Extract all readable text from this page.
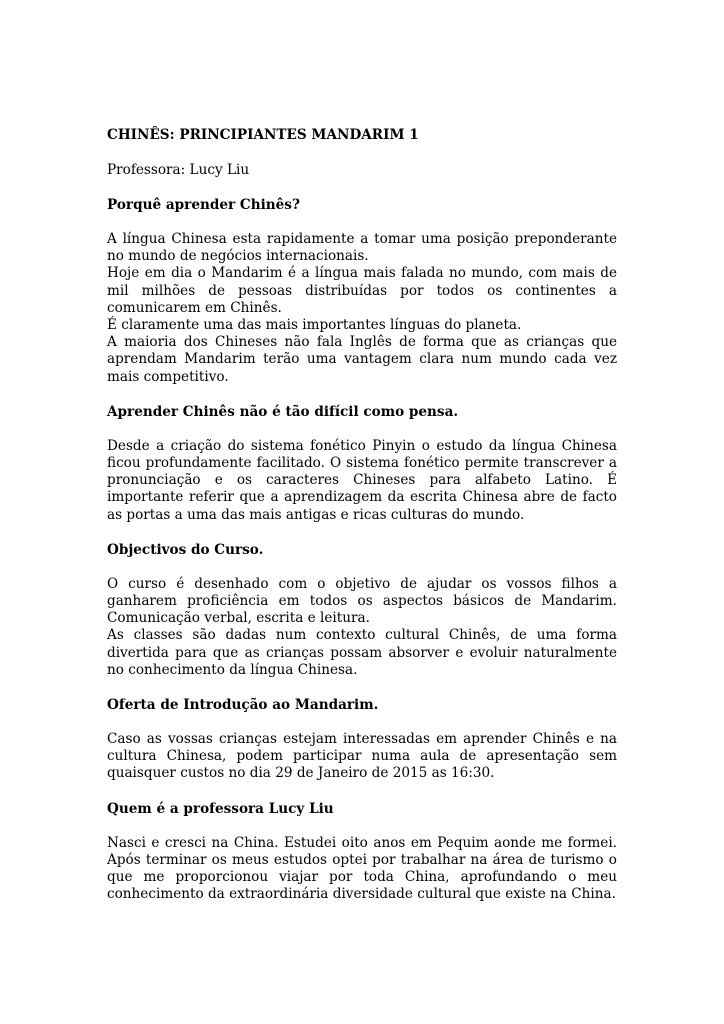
CHINÊS: PRINCIPIANTES MANDARIM 1

Professora: Lucy Liu

Porquê aprender Chinês?

A língua Chinesa esta rapidamente a tomar uma posição preponderante no mundo de negócios internacionais.

Hoje em dia o Mandarim é a língua mais falada no mundo, com mais de mil milhões de pessoas distribuídas por todos os continentes a comunicarem em Chinês.

É claramente uma das mais importantes línguas do planeta.

A maioria dos Chineses não fala Inglês de forma que as crianças que aprendam Mandarim terão uma vantagem clara num mundo cada vez mais competitivo.

Aprender Chinês não é tão difícil como pensa.

Desde a criação do sistema fonético Pinyin o estudo da língua Chinesa ficou profundamente facilitado. O sistema fonético permite transcrever a pronunciação e os caracteres Chineses para alfabeto Latino. É importante referir que a aprendizagem da escrita Chinesa abre de facto as portas a uma das mais antigas e ricas culturas do mundo.

Objectivos do Curso.

O curso é desenhado com o objetivo de ajudar os vossos filhos a ganharem proficiência em todos os aspectos básicos de Mandarim. Comunicação verbal, escrita e leitura.

As classes são dadas num contexto cultural Chinês, de uma forma divertida para que as crianças possam absorver e evoluir naturalmente no conhecimento da língua Chinesa.

Oferta de Introdução ao Mandarim.

Caso as vossas crianças estejam interessadas em aprender Chinês e na cultura Chinesa, podem participar numa aula de apresentação sem quaisquer custos no dia 29 de Janeiro de 2015 as 16:30.

Quem é a professora Lucy Liu

Nasci e cresci na China. Estudei oito anos em Pequim aonde me formei. Após terminar os meus estudos optei por trabalhar na área de turismo o que me proporcionou viajar por toda China, aprofundando o meu conhecimento da extraordinária diversidade cultural que existe na China.
